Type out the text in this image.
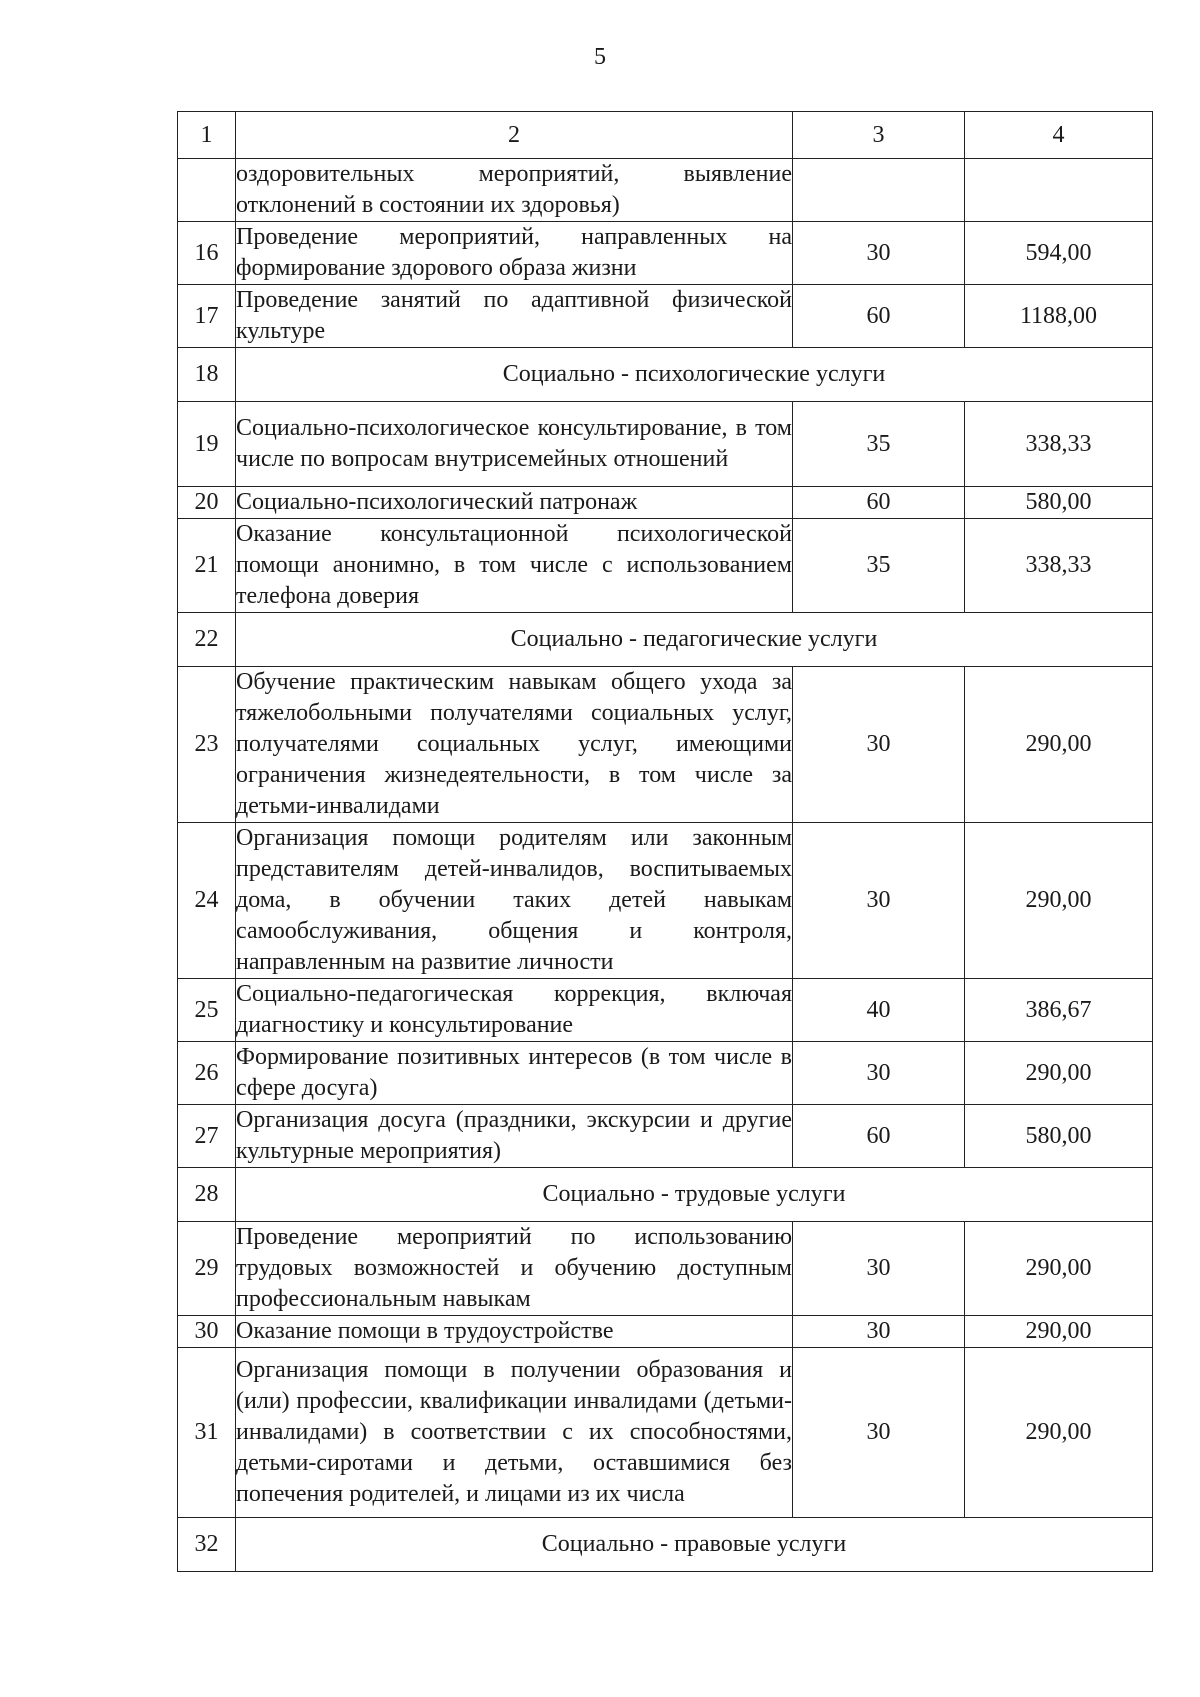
5
1	2	3	4
	оздоровительных мероприятий, выявление отклонений в состоянии их здоровья)		
16	Проведение мероприятий, направленных на формирование здорового образа жизни	30	594,00
17	Проведение занятий по адаптивной физической культуре	60	1188,00
18	Социально - психологические услуги		
19	Социально-психологическое консультирование, в том числе по вопросам внутрисемейных отношений	35	338,33
20	Социально-психологический патронаж	60	580,00
21	Оказание консультационной психологической помощи анонимно, в том числе с использованием телефона доверия	35	338,33
22	Социально - педагогические услуги		
23	Обучение практическим навыкам общего ухода за тяжелобольными получателями социальных услуг, получателями социальных услуг, имеющими ограничения жизнедеятельности, в том числе за детьми-инвалидами	30	290,00
24	Организация помощи родителям или законным представителям детей-инвалидов, воспитываемых дома, в обучении таких детей навыкам самообслуживания, общения и контроля, направленным на развитие личности	30	290,00
25	Социально-педагогическая коррекция, включая диагностику и консультирование	40	386,67
26	Формирование позитивных интересов (в том числе в сфере досуга)	30	290,00
27	Организация досуга (праздники, экскурсии и другие культурные мероприятия)	60	580,00
28	Социально - трудовые услуги		
29	Проведение мероприятий по использованию трудовых возможностей и обучению доступным профессиональным навыкам	30	290,00
30	Оказание помощи в трудоустройстве	30	290,00
31	Организация помощи в получении образования и (или) профессии, квалификации инвалидами (детьми-инвалидами) в соответствии с их способностями, детьми-сиротами и детьми, оставшимися без попечения родителей, и лицами из их числа	30	290,00
32	Социально - правовые услуги		
